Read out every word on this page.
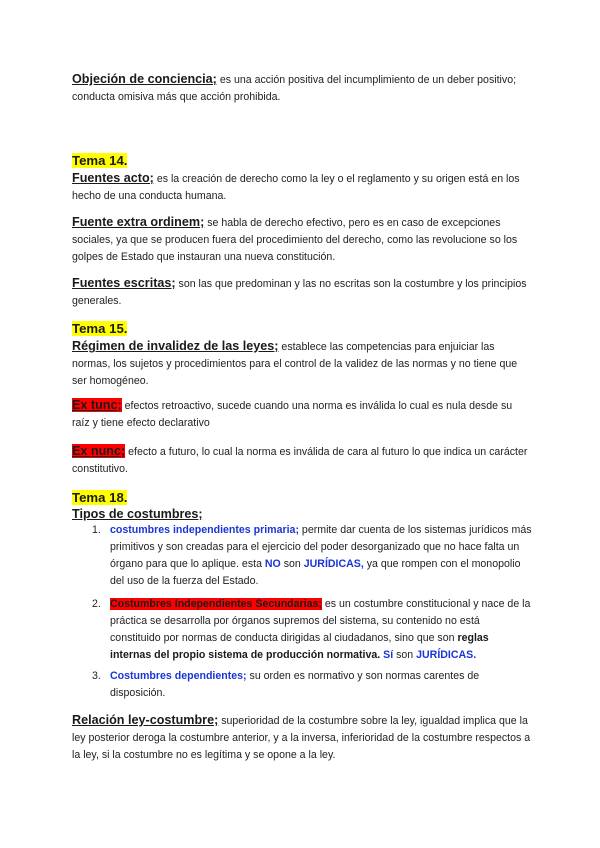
Objeción de conciencia; es una acción positiva del incumplimiento de un deber positivo; conducta omisiva más que acción prohibida.

Tema 14.

Fuentes acto; es la creación de derecho como la ley o el reglamento y su origen está en los hecho de una conducta humana.

Fuente extra ordinem; se habla de derecho efectivo, pero es en caso de excepciones sociales, ya que se producen fuera del procedimiento del derecho, como las revolucione so los golpes de Estado que instauran una nueva constitución.

Fuentes escritas; son las que predominan y las no escritas son la costumbre y los principios generales.

Tema 15.

Régimen de invalidez de las leyes; establece las competencias para enjuiciar las normas, los sujetos y procedimientos para el control de la validez de las normas y no tiene que ser homogéneo.

Ex tunc; efectos retroactivo, sucede cuando una norma es inválida lo cual es nula desde su raíz y tiene efecto declarativo

Ex nunc; efecto a futuro, lo cual la norma es inválida de cara al futuro lo que indica un carácter constitutivo.

Tema 18.

Tipos de costumbres;

1. costumbres independientes primaria; permite dar cuenta de los sistemas jurídicos más primitivos y son creadas para el ejercicio del poder desorganizado que no hace falta un órgano para que lo aplique. esta NO son JURÍDICAS, ya que rompen con el monopolio del uso de la fuerza del Estado.
2. Costumbres Independientes Secundarias; es un costumbre constitucional y nace de la práctica se desarrolla por órganos supremos del sistema, su contenido no está constituido por normas de conducta dirigidas al ciudadanos, sino que son reglas internas del propio sistema de producción normativa. Sí son JURÍDICAS.
3. Costumbres dependientes; su orden es normativo y son normas carentes de disposición.

Relación ley-costumbre; superioridad de la costumbre sobre la ley, igualdad implica que la ley posterior deroga la costumbre anterior, y a la inversa, inferioridad de la costumbre respectos a la ley, si la costumbre no es legítima y se opone a la ley.
